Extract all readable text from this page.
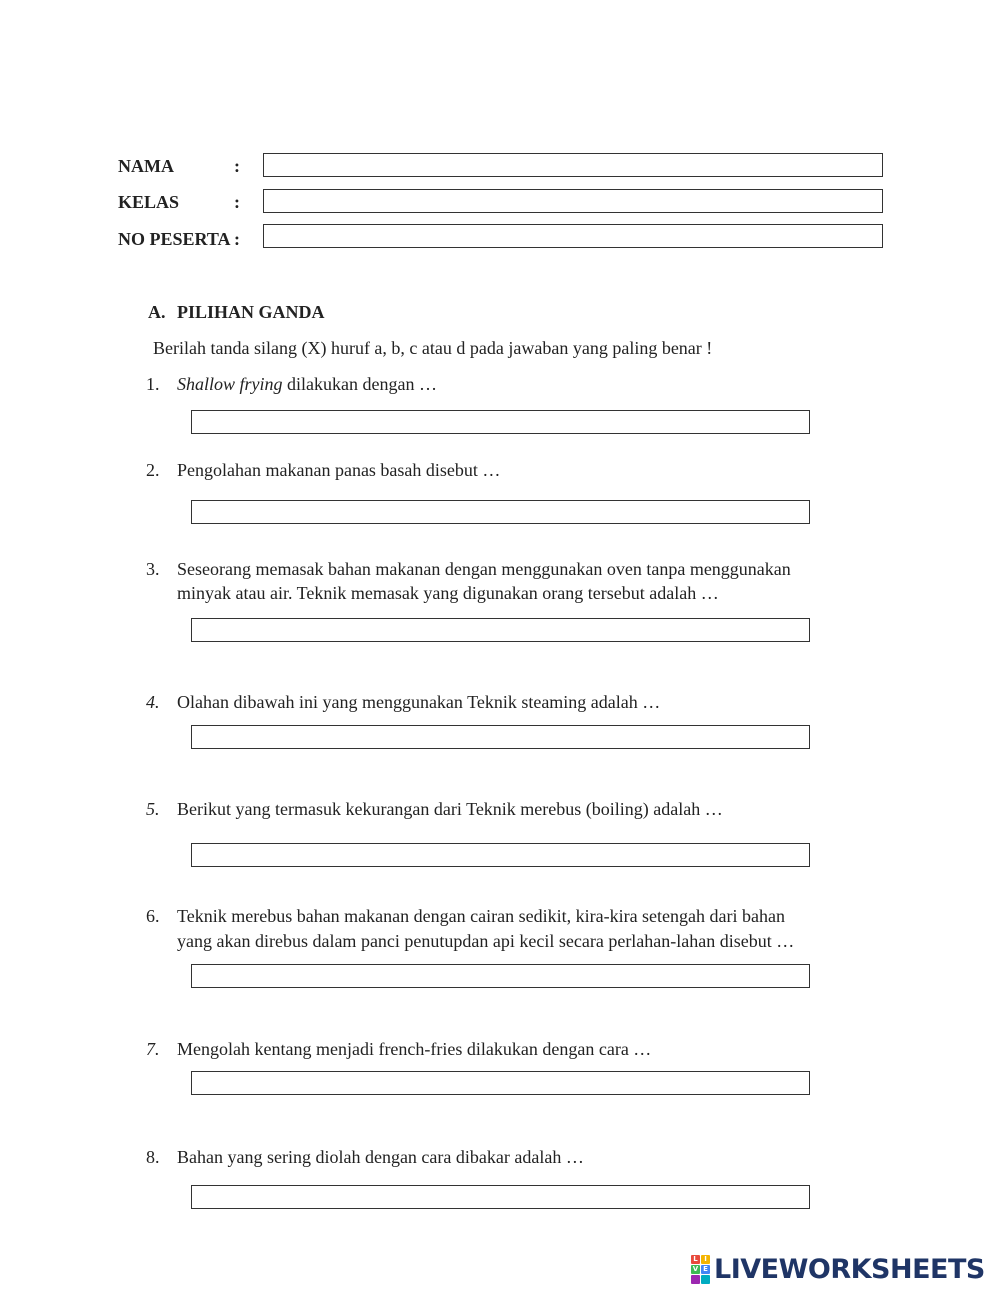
NAMA	:
KELAS	:
NO PESERTA :
A. PILIHAN GANDA
Berilah tanda silang (X) huruf a, b, c atau d pada jawaban yang paling benar !
1. Shallow frying dilakukan dengan …
2. Pengolahan makanan panas basah disebut …
3. Seseorang memasak bahan makanan dengan menggunakan oven tanpa menggunakan
minyak atau air. Teknik memasak yang digunakan orang tersebut adalah …
4. Olahan dibawah ini yang menggunakan Teknik steaming adalah …
5. Berikut yang termasuk kekurangan dari Teknik merebus (boiling) adalah …
6. Teknik merebus bahan makanan dengan cairan sedikit, kira-kira setengah dari bahan
yang akan direbus dalam panci penutupdan api kecil secara perlahan-lahan disebut …
7. Mengolah kentang menjadi french-fries dilakukan dengan cara …
8. Bahan yang sering diolah dengan cara dibakar adalah …
L I
V E LIVEWORKSHEETS
